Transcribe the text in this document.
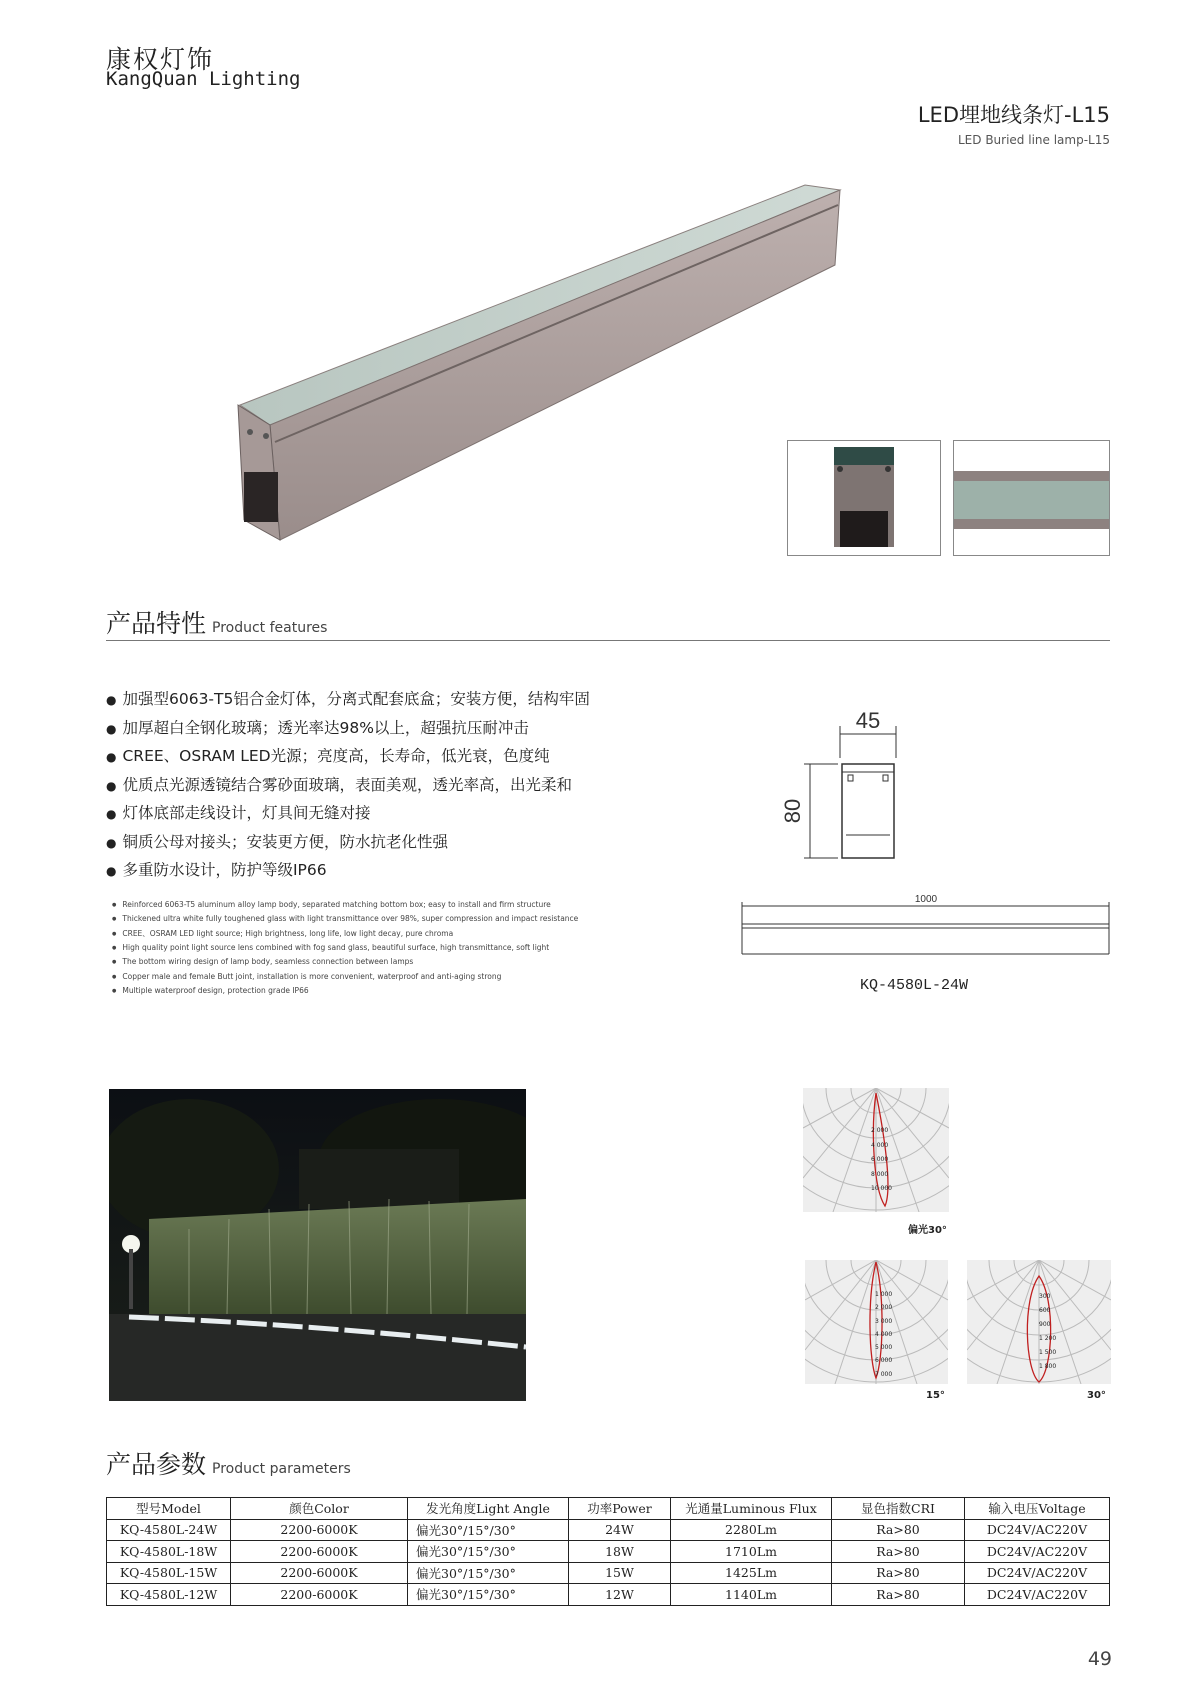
康权灯饰
KangQuan Lighting
LED埋地线条灯-L15
LED Buried line lamp-L15
产品特性 Product features
● 加强型6063-T5铝合金灯体，分离式配套底盒；安装方便，结构牢固
● 加厚超白全钢化玻璃；透光率达98%以上，超强抗压耐冲击
● CREE、OSRAM LED光源；亮度高，长寿命，低光衰，色度纯
● 优质点光源透镜结合雾砂面玻璃，表面美观，透光率高，出光柔和
● 灯体底部走线设计，灯具间无缝对接
● 铜质公母对接头；安装更方便，防水抗老化性强
● 多重防水设计，防护等级IP66
● Reinforced 6063-T5 aluminum alloy lamp body, separated matching bottom box; easy to install and firm structure
● Thickened ultra white fully toughened glass with light transmittance over 98%, super compression and impact resistance
● CREE、OSRAM LED light source; High brightness, long life, low light decay, pure chroma
● High quality point light source lens combined with fog sand glass, beautiful surface, high transmittance, soft light
● The bottom wiring design of lamp body, seamless connection between lamps
● Copper male and female Butt joint, installation is more convenient, waterproof and anti-aging strong
● Multiple waterproof design, protection grade IP66
45
80
1000
KQ-4580L-24W
2 000
4 000
6 000
8 000
10 000
偏光30°
1 000
2 000
3 000
4 000
5 000
6 000
7 000
15°
300
600
900
1 200
1 500
1 800
30°
产品参数 Product parameters
型号Model	颜色Color	发光角度Light Angle	功率Power	光通量Luminous Flux	显色指数CRI	输入电压Voltage
KQ-4580L-24W	2200-6000K	偏光30°/15°/30°	24W	2280Lm	Ra>80	DC24V/AC220V
KQ-4580L-18W	2200-6000K	偏光30°/15°/30°	18W	1710Lm	Ra>80	DC24V/AC220V
KQ-4580L-15W	2200-6000K	偏光30°/15°/30°	15W	1425Lm	Ra>80	DC24V/AC220V
KQ-4580L-12W	2200-6000K	偏光30°/15°/30°	12W	1140Lm	Ra>80	DC24V/AC220V
49
